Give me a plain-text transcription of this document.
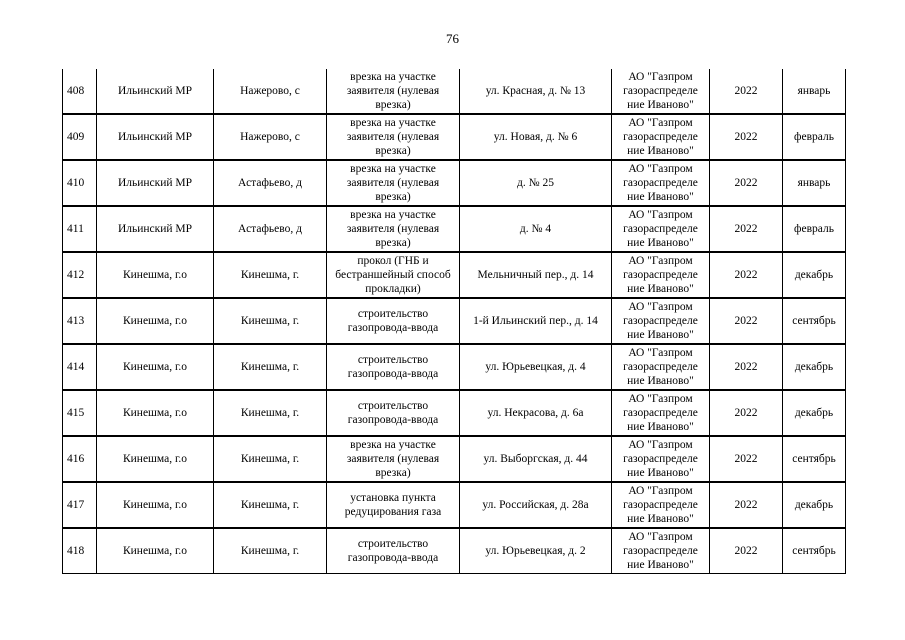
76
408	Ильинский МР	Нажерово, с	врезка на участке заявителя (нулевая врезка)	ул. Красная, д. № 13	АО "Газпром газораспределе ние Иваново"	2022	январь
409	Ильинский МР	Нажерово, с	врезка на участке заявителя (нулевая врезка)	ул. Новая, д. № 6	АО "Газпром газораспределе ние Иваново"	2022	февраль
410	Ильинский МР	Астафьево, д	врезка на участке заявителя (нулевая врезка)	д. № 25	АО "Газпром газораспределе ние Иваново"	2022	январь
411	Ильинский МР	Астафьево, д	врезка на участке заявителя (нулевая врезка)	д. № 4	АО "Газпром газораспределе ние Иваново"	2022	февраль
412	Кинешма, г.о	Кинешма, г.	прокол (ГНБ и бестраншейный способ прокладки)	Мельничный пер., д. 14	АО "Газпром газораспределе ние Иваново"	2022	декабрь
413	Кинешма, г.о	Кинешма, г.	строительство газопровода-ввода	1-й Ильинский пер., д. 14	АО "Газпром газораспределе ние Иваново"	2022	сентябрь
414	Кинешма, г.о	Кинешма, г.	строительство газопровода-ввода	ул. Юрьевецкая, д. 4	АО "Газпром газораспределе ние Иваново"	2022	декабрь
415	Кинешма, г.о	Кинешма, г.	строительство газопровода-ввода	ул. Некрасова, д. 6а	АО "Газпром газораспределе ние Иваново"	2022	декабрь
416	Кинешма, г.о	Кинешма, г.	врезка на участке заявителя (нулевая врезка)	ул. Выборгская, д. 44	АО "Газпром газораспределе ние Иваново"	2022	сентябрь
417	Кинешма, г.о	Кинешма, г.	установка пункта редуцирования газа	ул. Российская, д. 28а	АО "Газпром газораспределе ние Иваново"	2022	декабрь
418	Кинешма, г.о	Кинешма, г.	строительство газопровода-ввода	ул. Юрьевецкая, д. 2	АО "Газпром газораспределе ние Иваново"	2022	сентябрь
